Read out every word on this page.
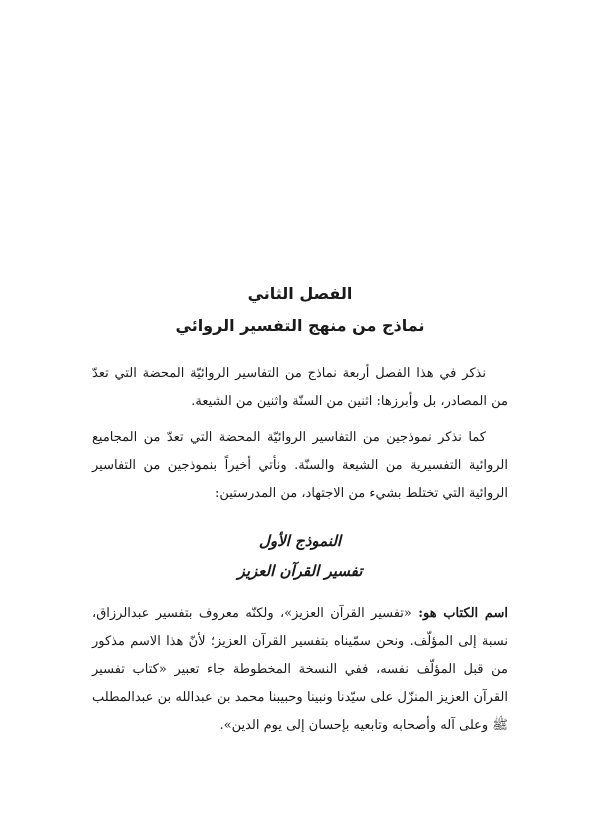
الفصل الثاني
نماذج من منهج التفسير الروائي

نذكر في هذا الفصل أربعة نماذج من التفاسير الروائيّة المحضة التي تعدّ من المصادر، بل وأبرزها: اثنين من السنّة واثنين من الشيعة.

كما نذكر نموذجين من التفاسير الروائيّة المحضة التي تعدّ من المجاميع الروائية التفسيرية من الشيعة والسنّة. ونأتي أخيراً بنموذجين من التفاسير الروائية التي تختلط بشيء من الاجتهاد، من المدرستين:

النموذج الأول
تفسير القرآن العزيز

اسم الكتاب هو: «تفسير القرآن العزيز»، ولكنّه معروف بتفسير عبدالرزاق، نسبة إلى المؤلّف. ونحن سمّيناه بتفسير القرآن العزيز؛ لأنّ هذا الاسم مذكور من قبل المؤلّف نفسه، ففي النسخة المخطوطة جاء تعبير «كتاب تفسير القرآن العزيز المنزّل على سيّدنا ونبينا وحبيبنا محمد بن عبدالله بن عبدالمطلب ﷺ وعلى آله وأصحابه وتابعيه بإحسان إلى يوم الدين».
